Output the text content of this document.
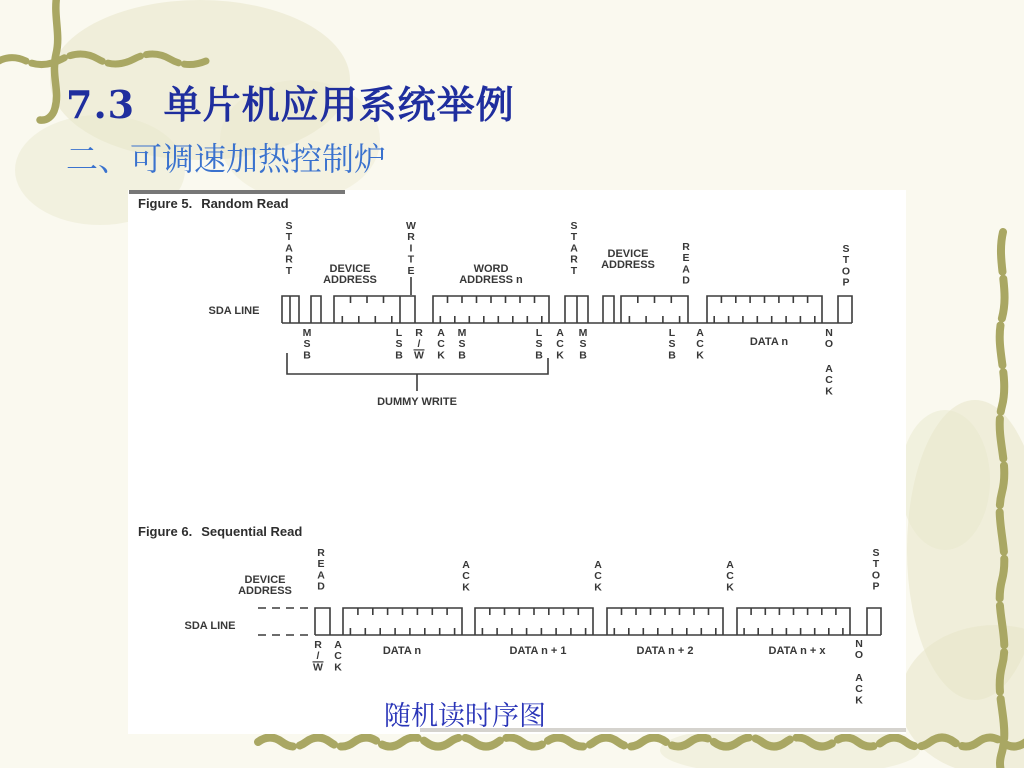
SDA LINE
S
T
A
R
T	DEVICE
ADDRESS
W
R
I
T
E	WORD
ADDRESS n
S
T
A
R
T
DEVICE
ADDRESS
R
E
A
D
S
T
O
P
M
S
B
L
S
B
R
/
W
A
C
K
M
S
B
L
S
B
A
C
K
M
S
B
L
S
B
A
C
K
DATA n
N
O
A
C
K
DUMMY WRITE
SDA LINE
DEVICE
ADDRESS
R
E
A
D
A
C
K
A
C
K
A
C
K
S
T
O
P
R
/
W
A
C
K
DATA n	DATA n + 1	DATA n + 2	DATA n + x
N
O
A
C
K
7.3  单片机应用系统举例
二、可调速加热控制炉
Figure 5. Random Read
Figure 6. Sequential Read
随机读时序图
